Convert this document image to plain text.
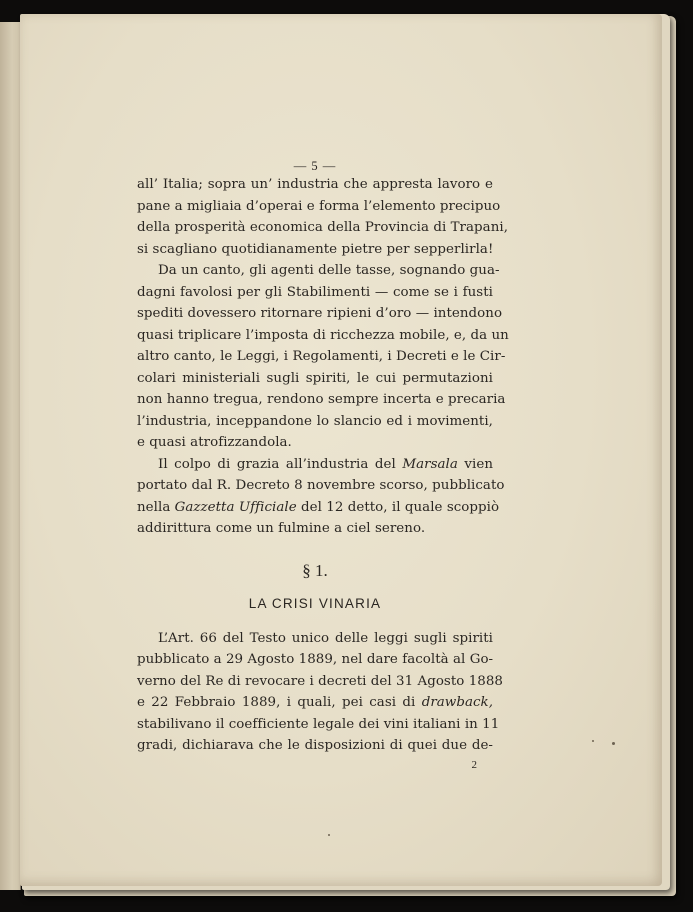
— 5 —
all’ Italia; sopra un’ industria che appresta lavoro e
pane a migliaia d’operai e forma l’elemento precipuo
della prosperità economica della Provincia di Trapani,
si scagliano quotidianamente pietre per sepperlirla!
Da un canto, gli agenti delle tasse, sognando gua-
dagni favolosi per gli Stabilimenti — come se i fusti
spediti dovessero ritornare ripieni d’oro — intendono
quasi triplicare l’imposta di ricchezza mobile, e, da un
altro canto, le Leggi, i Regolamenti, i Decreti e le Cir-
colari ministeriali sugli spiriti, le cui permutazioni
non hanno tregua, rendono sempre incerta e precaria
l’industria, inceppandone lo slancio ed i movimenti,
e quasi atrofizzandola.
Il colpo di grazia all’industria del Marsala vien
portato dal R. Decreto 8 novembre scorso, pubblicato
nella Gazzetta Ufficiale del 12 detto, il quale scoppiò
addirittura come un fulmine a ciel sereno.
§ 1.
LA CRISI VINARIA
L’Art. 66 del Testo unico delle leggi sugli spiriti
pubblicato a 29 Agosto 1889, nel dare facoltà al Go-
verno del Re di revocare i decreti del 31 Agosto 1888
e 22 Febbraio 1889, i quali, pei casi di drawback,
stabilivano il coefficiente legale dei vini italiani in 11
gradi, dichiarava che le disposizioni di quei due de-
2
